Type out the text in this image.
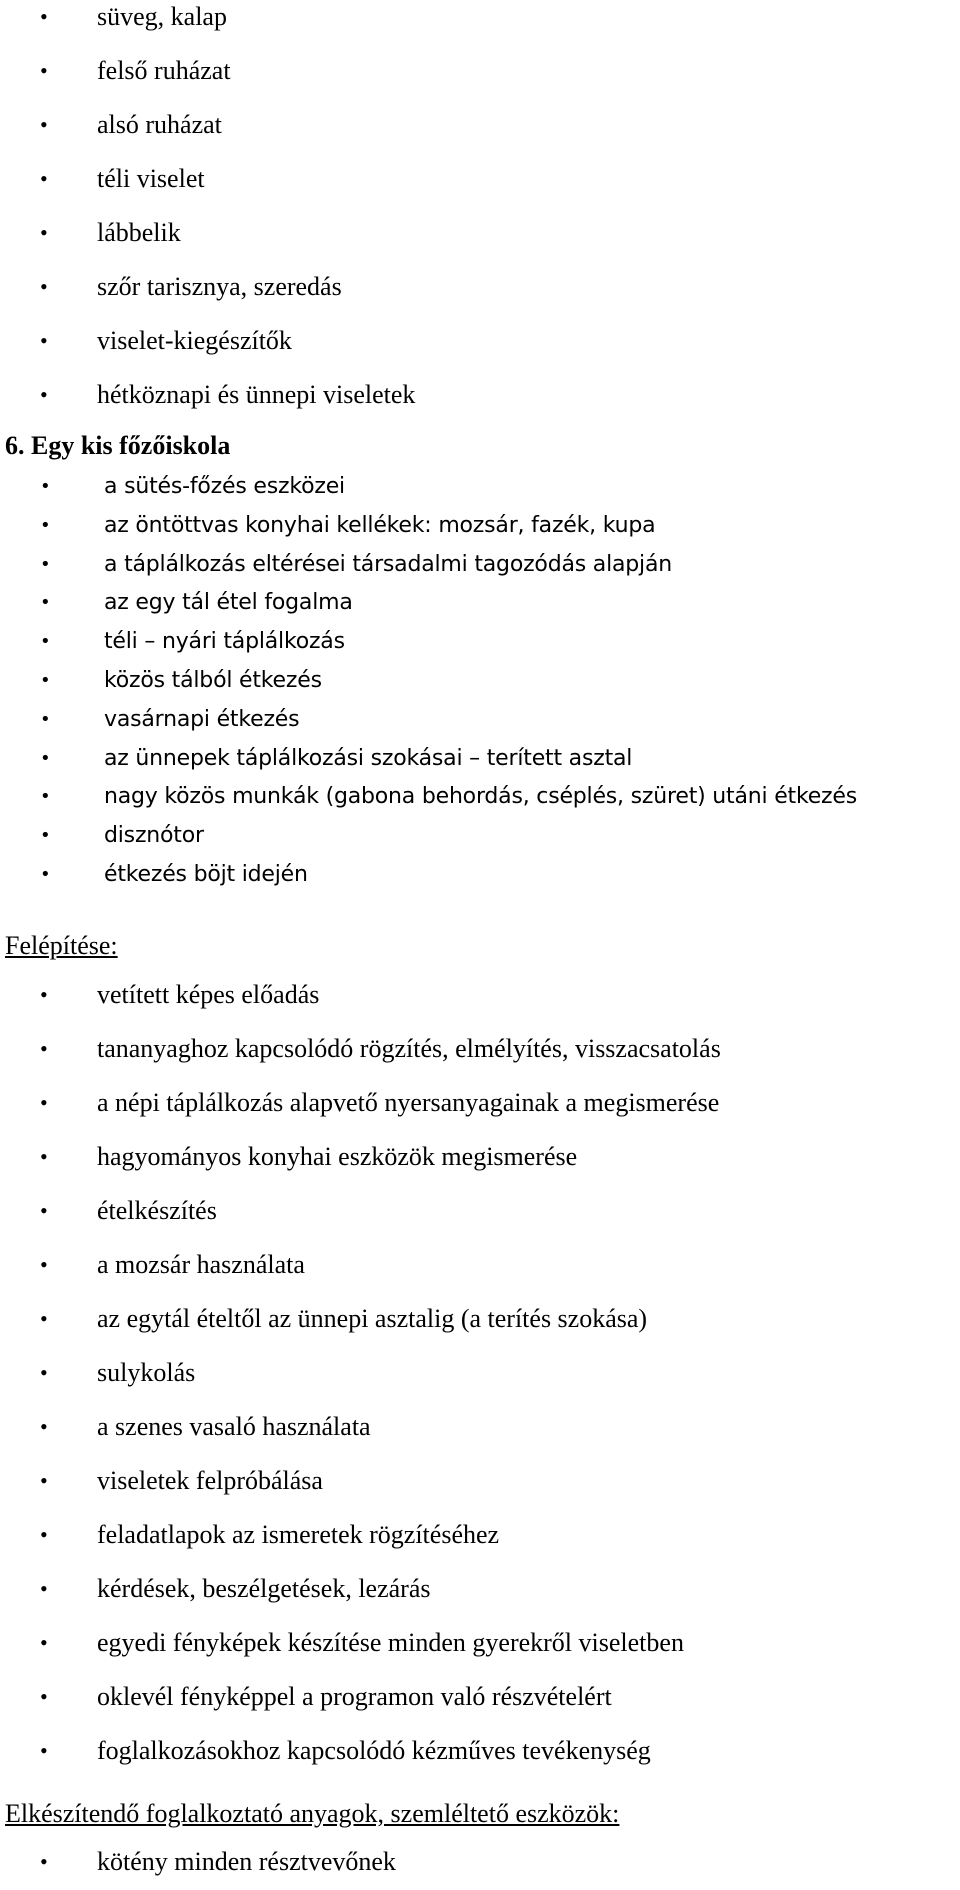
• süveg, kalap
• felső ruházat
• alsó ruházat
• téli viselet
• lábbelik
• szőr tarisznya, szeredás
• viselet-kiegészítők
• hétköznapi és ünnepi viseletek
6. Egy kis főzőiskola
• a sütés-főzés eszközei
• az öntöttvas konyhai kellékek: mozsár, fazék, kupa
• a táplálkozás eltérései társadalmi tagozódás alapján
• az egy tál étel fogalma
• téli – nyári táplálkozás
• közös tálból étkezés
• vasárnapi étkezés
• az ünnepek táplálkozási szokásai – terített asztal
• nagy közös munkák (gabona behordás, cséplés, szüret) utáni étkezés
• disznótor
• étkezés böjt idején
Felépítése:
• vetített képes előadás
• tananyaghoz kapcsolódó rögzítés, elmélyítés, visszacsatolás
• a népi táplálkozás alapvető nyersanyagainak a megismerése
• hagyományos konyhai eszközök megismerése
• ételkészítés
• a mozsár használata
• az egytál ételtől az ünnepi asztalig (a terítés szokása)
• sulykolás
• a szenes vasaló használata
• viseletek felpróbálása
• feladatlapok az ismeretek rögzítéséhez
• kérdések, beszélgetések, lezárás
• egyedi fényképek készítése minden gyerekről viseletben
• oklevél fényképpel a programon való részvételért
• foglalkozásokhoz kapcsolódó kézműves tevékenység
Elkészítendő foglalkoztató anyagok, szemléltető eszközök:
• kötény minden résztvevőnek
